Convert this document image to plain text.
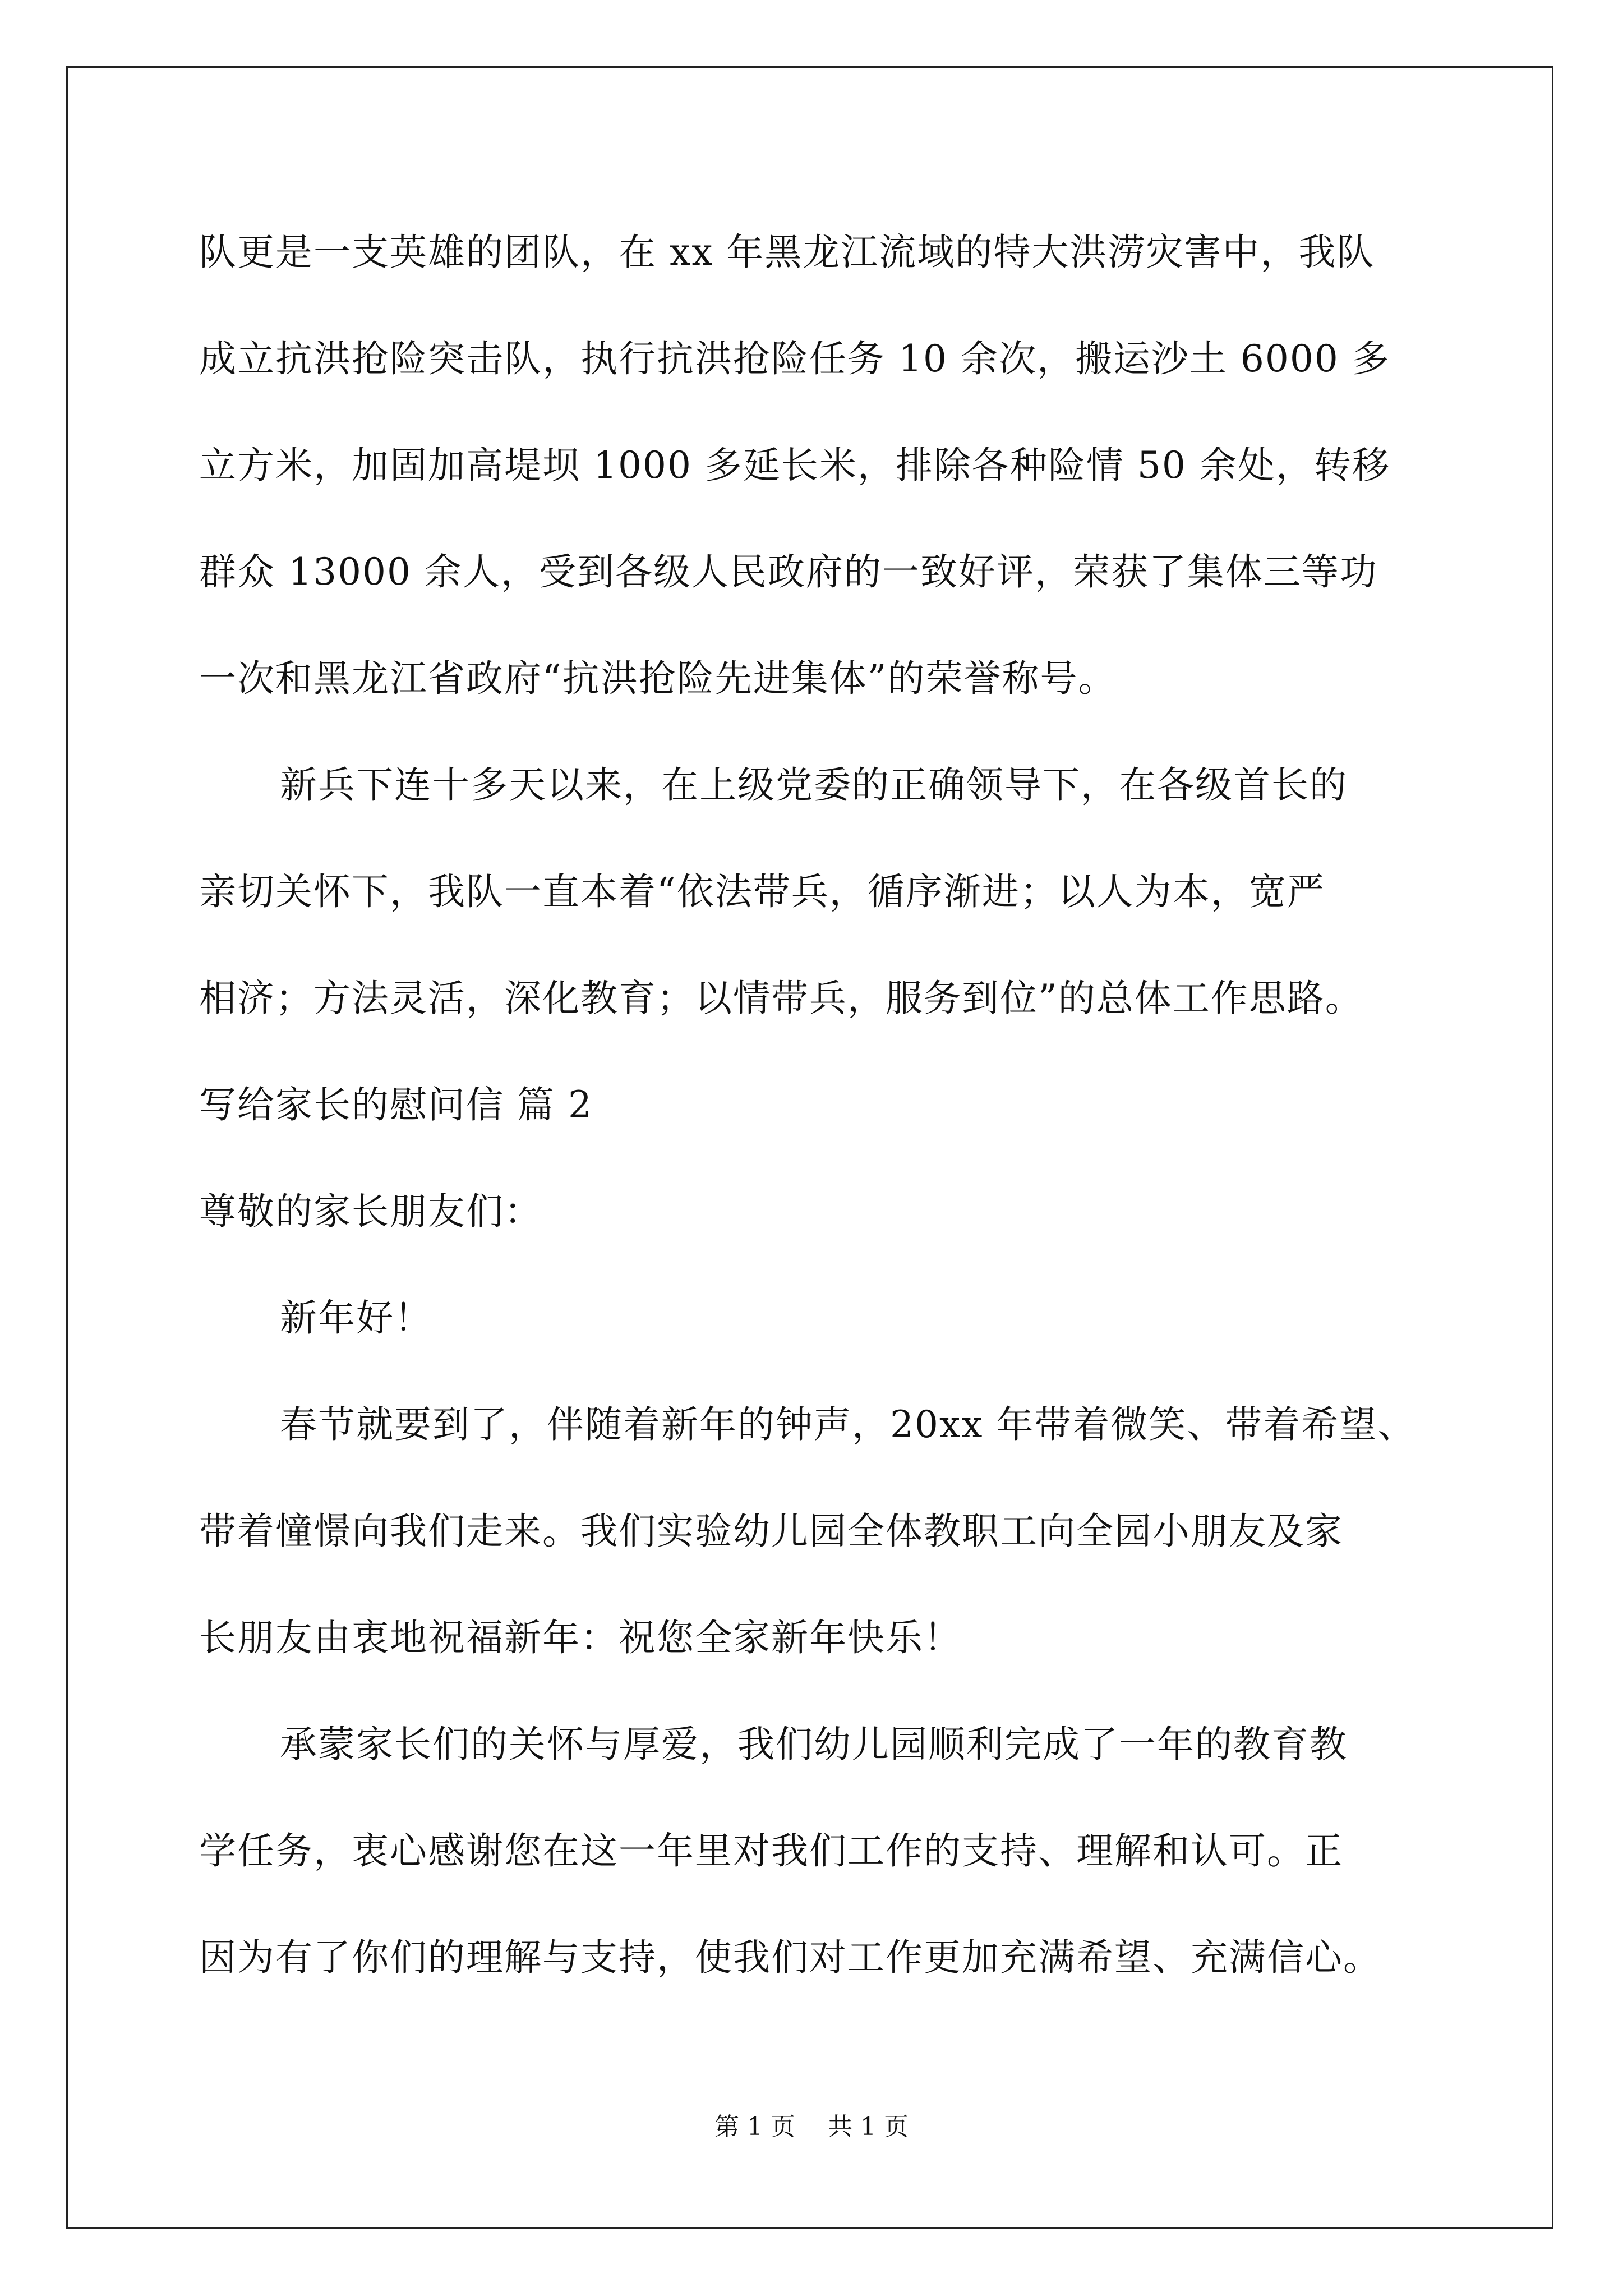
队更是一支英雄的团队，在 xx 年黑龙江流域的特大洪涝灾害中，我队
成立抗洪抢险突击队，执行抗洪抢险任务 10 余次，搬运沙土 6000 多
立方米，加固加高堤坝 1000 多延长米，排除各种险情 50 余处，转移
群众 13000 余人，受到各级人民政府的一致好评，荣获了集体三等功
一次和黑龙江省政府“抗洪抢险先进集体”的荣誉称号。
新兵下连十多天以来，在上级党委的正确领导下，在各级首长的
亲切关怀下，我队一直本着“依法带兵，循序渐进；以人为本，宽严
相济；方法灵活，深化教育；以情带兵，服务到位”的总体工作思路。
写给家长的慰问信 篇 2
尊敬的家长朋友们：
新年好！
春节就要到了，伴随着新年的钟声，20xx 年带着微笑、带着希望、
带着憧憬向我们走来。我们实验幼儿园全体教职工向全园小朋友及家
长朋友由衷地祝福新年：祝您全家新年快乐！
承蒙家长们的关怀与厚爱，我们幼儿园顺利完成了一年的教育教
学任务，衷心感谢您在这一年里对我们工作的支持、理解和认可。正
因为有了你们的理解与支持，使我们对工作更加充满希望、充满信心。
第 1 页 共 1 页
